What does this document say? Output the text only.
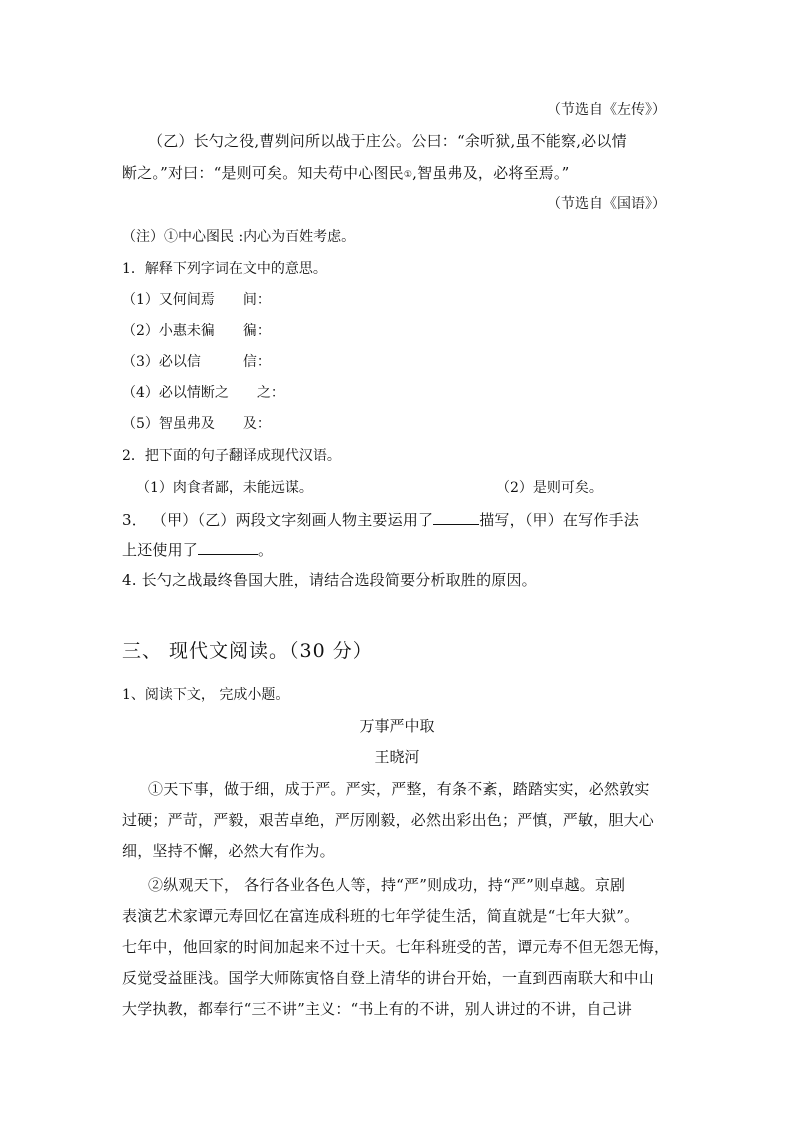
（节选自《左传》）
（乙）长勺之役,曹刿问所以战于庄公。公曰：“余听狱,虽不能察,必以情
断之。”对曰：“是则可矣。知夫苟中心图民$_①$,智虽弗及，必将至焉。”
（节选自《国语》）
（注）①中心图民 :内心为百姓考虑。
1．解释下列字词在文中的意思。
（1）又何间焉 间：
（2）小惠未徧 徧：
（3）必以信	信：
（4）必以情断之 之：
（5）智虽弗及 及：
2．把下面的句子翻译成现代汉语。
（1）肉食者鄙，未能远谋。	（2）是则可矣。
3． （甲）（乙）两段文字刻画人物主要运用了	描写，（甲）在写作手法
上还使用了	。
4. 长勺之战最终鲁国大胜，请结合选段简要分析取胜的原因。
三、 现代文阅读。（30 分）
1、阅读下文， 完成小题。
万事严中取
王晓河
①天下事，做于细，成于严。严实，严整，有条不紊，踏踏实实，必然敦实
过硬；严苛，严毅，艰苦卓绝，严厉刚毅，必然出彩出色；严慎，严敏，胆大心
细，坚持不懈，必然大有作为。
②纵观天下， 各行各业各色人等，持“严”则成功，持“严”则卓越。京剧
表演艺术家谭元寿回忆在富连成科班的七年学徒生活，简直就是“七年大狱”。
七年中，他回家的时间加起来不过十天。七年科班受的苦，谭元寿不但无怨无悔，
反觉受益匪浅。国学大师陈寅恪自登上清华的讲台开始，一直到西南联大和中山
大学执教，都奉行“三不讲”主义：“书上有的不讲，别人讲过的不讲，自己讲
